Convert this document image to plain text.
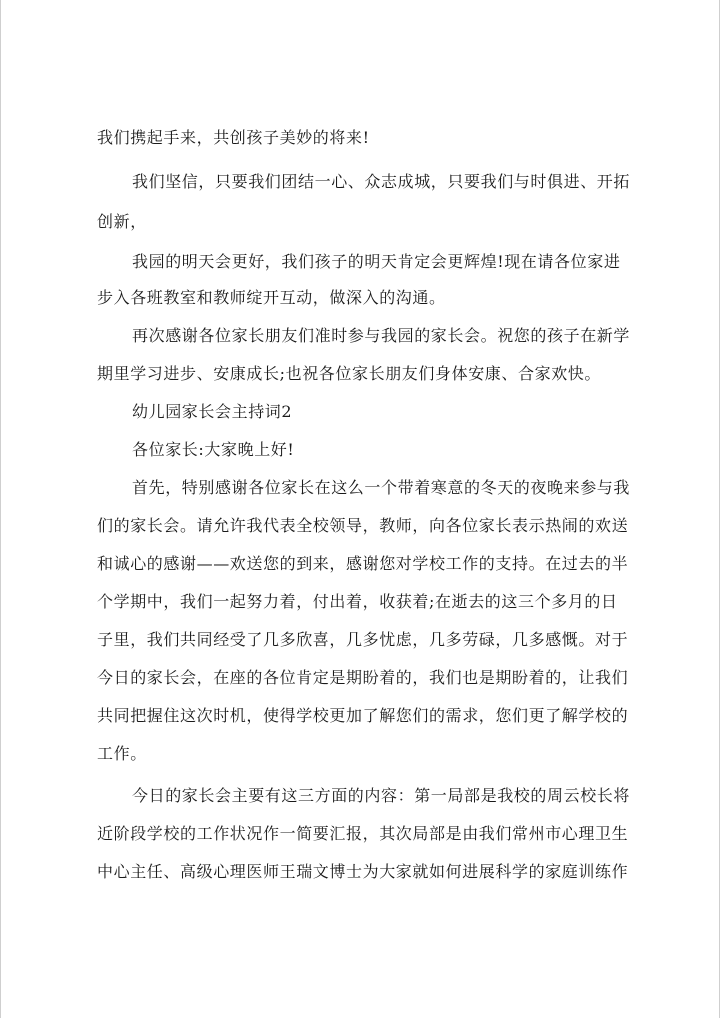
我们携起手来，共创孩子美妙的将来!
我们坚信，只要我们团结一心、众志成城，只要我们与时俱进、开拓
创新，
我园的明天会更好，我们孩子的明天肯定会更辉煌!现在请各位家进
步入各班教室和教师绽开互动，做深入的沟通。
再次感谢各位家长朋友们准时参与我园的家长会。祝您的孩子在新学
期里学习进步、安康成长;也祝各位家长朋友们身体安康、合家欢快。
幼儿园家长会主持词2
各位家长:大家晚上好!
首先，特别感谢各位家长在这么一个带着寒意的冬天的夜晚来参与我
们的家长会。请允许我代表全校领导，教师，向各位家长表示热闹的欢送
和诚心的感谢——欢送您的到来，感谢您对学校工作的支持。在过去的半
个学期中，我们一起努力着，付出着，收获着;在逝去的这三个多月的日
子里，我们共同经受了几多欣喜，几多忧虑，几多劳碌，几多感慨。对于
今日的家长会，在座的各位肯定是期盼着的，我们也是期盼着的，让我们
共同把握住这次时机，使得学校更加了解您们的需求，您们更了解学校的
工作。
今日的家长会主要有这三方面的内容：第一局部是我校的周云校长将
近阶段学校的工作状况作一简要汇报，其次局部是由我们常州市心理卫生
中心主任、高级心理医师王瑞文博士为大家就如何进展科学的家庭训练作
